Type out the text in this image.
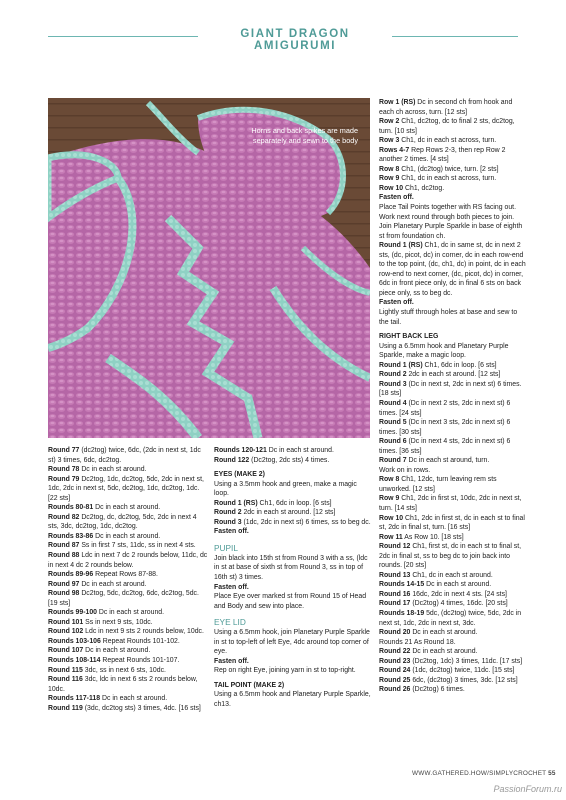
GIANT DRAGON AMIGURUMI
Horns and back spikes are made separately and sewn to the body

Round 77 (dc2tog) twice, 6dc, (2dc in next st, 1dc st) 3 times, 6dc, dc2tog.

Round 78 Dc in each st around.

Round 79 Dc2tog, 1dc, dc2tog, 5dc, 2dc in next st, 1dc, 2dc in next st, 5dc, dc2tog, 1dc, dc2tog, 1dc. [22 sts]

Rounds 80-81 Dc in each st around.

Round 82 Dc2tog, dc, dc2tog, 5dc, 2dc in next 4 sts, 3dc, dc2tog, 1dc, dc2tog.

Rounds 83-86 Dc in each st around.

Round 87 Ss in first 7 sts, 11dc, ss in next 4 sts.

Round 88 Ldc in next 7 dc 2 rounds below, 11dc, dc in next 4 dc 2 rounds below.

Rounds 89-96 Repeat Rows 87-88.

Round 97 Dc in each st around.

Round 98 Dc2tog, 5dc, dc2tog, 6dc, dc2tog, 5dc. [19 sts]

Rounds 99-100 Dc in each st around.

Round 101 Ss in next 9 sts, 10dc.

Round 102 Ldc in next 9 sts 2 rounds below, 10dc.

Rounds 103-106 Repeat Rounds 101-102.

Round 107 Dc in each st around.

Rounds 108-114 Repeat Rounds 101-107.

Round 115 3dc, ss in next 6 sts, 10dc.

Round 116 3dc, ldc in next 6 sts 2 rounds below, 10dc.

Rounds 117-118 Dc in each st around.

Round 119 (3dc, dc2tog sts) 3 times, 4dc. [16 sts]

Rounds 120-121 Dc in each st around.

Round 122 (Dc2tog, 2dc sts) 4 times.

EYES (MAKE 2)

Using a 3.5mm hook and green, make a magic loop.

Round 1 (RS) Ch1, 6dc in loop. [6 sts]

Round 2 2dc in each st around. [12 sts]

Round 3 (1dc, 2dc in next st) 6 times, ss to beg dc.

Fasten off.

PUPIL

Join black into 15th st from Round 3 with a ss, (ldc in st at base of sixth st from Round 3, ss in top of 16th st) 3 times.

Fasten off.

Place Eye over marked st from Round 15 of Head and Body and sew into place.

EYE LID

Using a 6.5mm hook, join Planetary Purple Sparkle in st to top-left of left Eye, 4dc around top corner of eye.

Fasten off.

Rep on right Eye, joining yarn in st to top-right.

TAIL POINT (MAKE 2)

Using a 6.5mm hook and Planetary Purple Sparkle, ch13.

Row 1 (RS) Dc in second ch from hook and each ch across, turn. [12 sts]

Row 2 Ch1, dc2tog, dc to final 2 sts, dc2tog, turn. [10 sts]

Row 3 Ch1, dc in each st across, turn.

Rows 4-7 Rep Rows 2-3, then rep Row 2 another 2 times. [4 sts]

Row 8 Ch1, (dc2tog) twice, turn. [2 sts]

Row 9 Ch1, dc in each st across, turn.

Row 10 Ch1, dc2tog.

Fasten off.

Place Tail Points together with RS facing out. Work next round through both pieces to join. Join Planetary Purple Sparkle in base of eighth st from foundation ch.

Round 1 (RS) Ch1, dc in same st, dc in next 2 sts, (dc, picot, dc) in corner, dc in each row-end to the top point, (dc, ch1, dc) in point, dc in each row-end to next corner, (dc, picot, dc) in corner, 6dc in front piece only, dc in final 6 sts on back piece only, ss to beg dc.

Fasten off.

Lightly stuff through holes at base and sew to the tail.

RIGHT BACK LEG

Using a 6.5mm hook and Planetary Purple Sparkle, make a magic loop.

Round 1 (RS) Ch1, 6dc in loop. [6 sts]

Round 2 2dc in each st around. [12 sts]

Round 3 (Dc in next st, 2dc in next st) 6 times. [18 sts]

Round 4 (Dc in next 2 sts, 2dc in next st) 6 times. [24 sts]

Round 5 (Dc in next 3 sts, 2dc in next st) 6 times. [30 sts]

Round 6 (Dc in next 4 sts, 2dc in next st) 6 times. [36 sts]

Round 7 Dc in each st around, turn.

Work on in rows.

Row 8 Ch1, 12dc, turn leaving rem sts unworked. [12 sts]

Row 9 Ch1, 2dc in first st, 10dc, 2dc in next st, turn. [14 sts]

Row 10 Ch1, 2dc in first st, dc in each st to final st, 2dc in final st, turn. [16 sts]

Row 11 As Row 10. [18 sts]

Round 12 Ch1, first st, dc in each st to final st, 2dc in final st, ss to beg dc to join back into rounds. [20 sts]

Round 13 Ch1, dc in each st around.

Rounds 14-15 Dc in each st around.

Round 16 16dc, 2dc in next 4 sts. [24 sts]

Round 17 (Dc2tog) 4 times, 16dc. [20 sts]

Rounds 18-19 5dc, (dc2tog) twice, 5dc, 2dc in next st, 1dc, 2dc in next st, 3dc.

Round 20 Dc in each st around.

Rounds 21 As Round 18.

Round 22 Dc in each st around.

Round 23 (Dc2tog, 1dc) 3 times, 11dc. [17 sts]

Round 24 (1dc, dc2tog) twice, 11dc. [15 sts]

Round 25 6dc, (dc2tog) 3 times, 3dc. [12 sts]

Round 26 (Dc2tog) 6 times.

WWW.GATHERED.HOW/SIMPLYCROCHET 55
PassionForum.ru
